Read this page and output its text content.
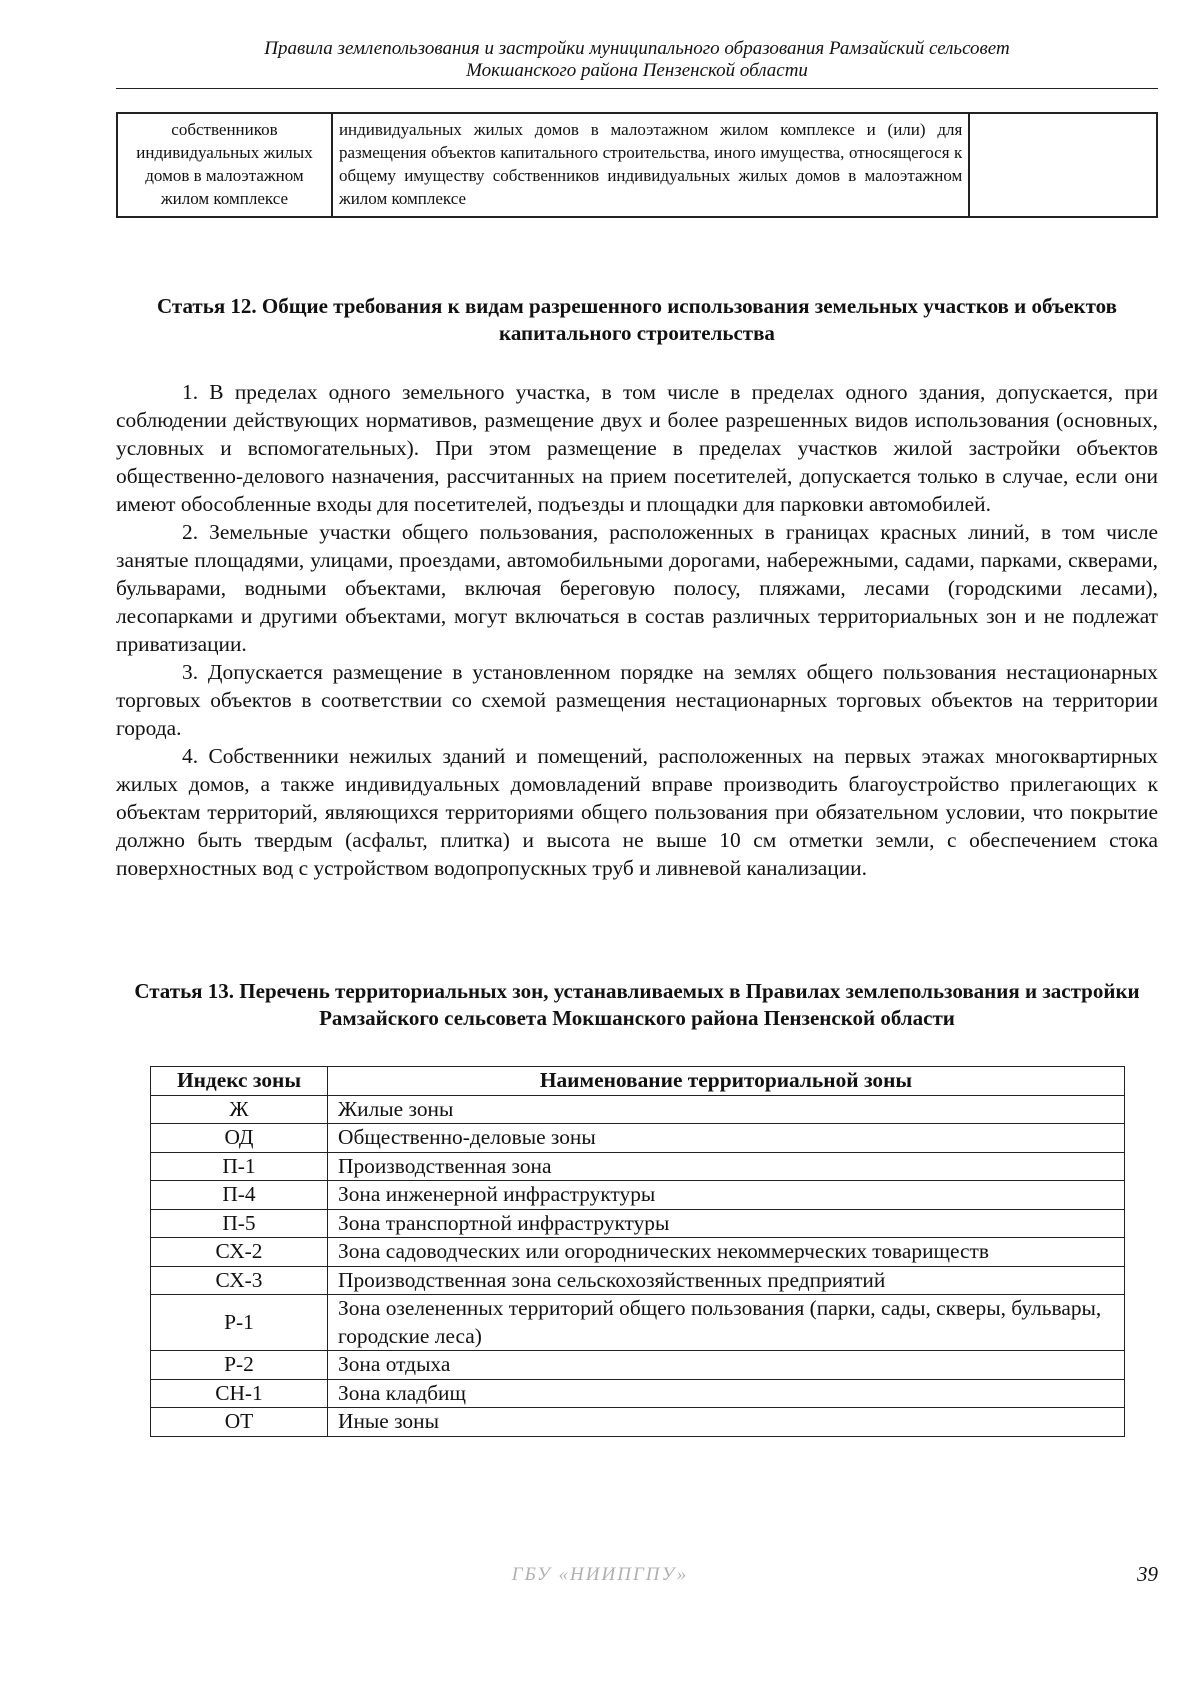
Правила землепользования и застройки муниципального образования Рамзайский сельсовет
Мокшанского района Пензенской области
собственников индивидуальных жилых домов в малоэтажном жилом комплексе	индивидуальных жилых домов в малоэтажном жилом комплексе и (или) для размещения объектов капитального строительства, иного имущества, относящегося к общему имуществу собственников индивидуальных жилых домов в малоэтажном жилом комплексе	
Статья 12. Общие требования к видам разрешенного использования земельных участков и объектов капитального строительства

1. В пределах одного земельного участка, в том числе в пределах одного здания, допускается, при соблюдении действующих нормативов, размещение двух и более разрешенных видов использования (основных, условных и вспомогательных). При этом размещение в пределах участков жилой застройки объектов общественно-делового назначения, рассчитанных на прием посетителей, допускается только в случае, если они имеют обособленные входы для посетителей, подъезды и площадки для парковки автомобилей.

2. Земельные участки общего пользования, расположенных в границах красных линий, в том числе занятые площадями, улицами, проездами, автомобильными дорогами, набережными, садами, парками, скверами, бульварами, водными объектами, включая береговую полосу, пляжами, лесами (городскими лесами), лесопарками и другими объектами, могут включаться в состав различных территориальных зон и не подлежат приватизации.

3. Допускается размещение в установленном порядке на землях общего пользования нестационарных торговых объектов в соответствии со схемой размещения нестационарных торговых объектов на территории города.

4. Собственники нежилых зданий и помещений, расположенных на первых этажах многоквартирных жилых домов, а также индивидуальных домовладений вправе производить благоустройство прилегающих к объектам территорий, являющихся территориями общего пользования при обязательном условии, что покрытие должно быть твердым (асфальт, плитка) и высота не выше 10 см отметки земли, с обеспечением стока поверхностных вод с устройством водопропускных труб и ливневой канализации.

Статья 13. Перечень территориальных зон, устанавливаемых в Правилах землепользования и застройки Рамзайского сельсовета Мокшанского района Пензенской области
Индекс зоны	Наименование территориальной зоны
Ж	Жилые зоны
ОД	Общественно-деловые зоны
П-1	Производственная зона
П-4	Зона инженерной инфраструктуры
П-5	Зона транспортной инфраструктуры
СХ-2	Зона садоводческих или огороднических некоммерческих товариществ
СХ-3	Производственная зона сельскохозяйственных предприятий
Р-1	Зона озелененных территорий общего пользования (парки, сады, скверы, бульвары, городские леса)
Р-2	Зона отдыха
СН-1	Зона кладбищ
ОТ	Иные зоны
ГБУ «НИИПГПУ»	39
